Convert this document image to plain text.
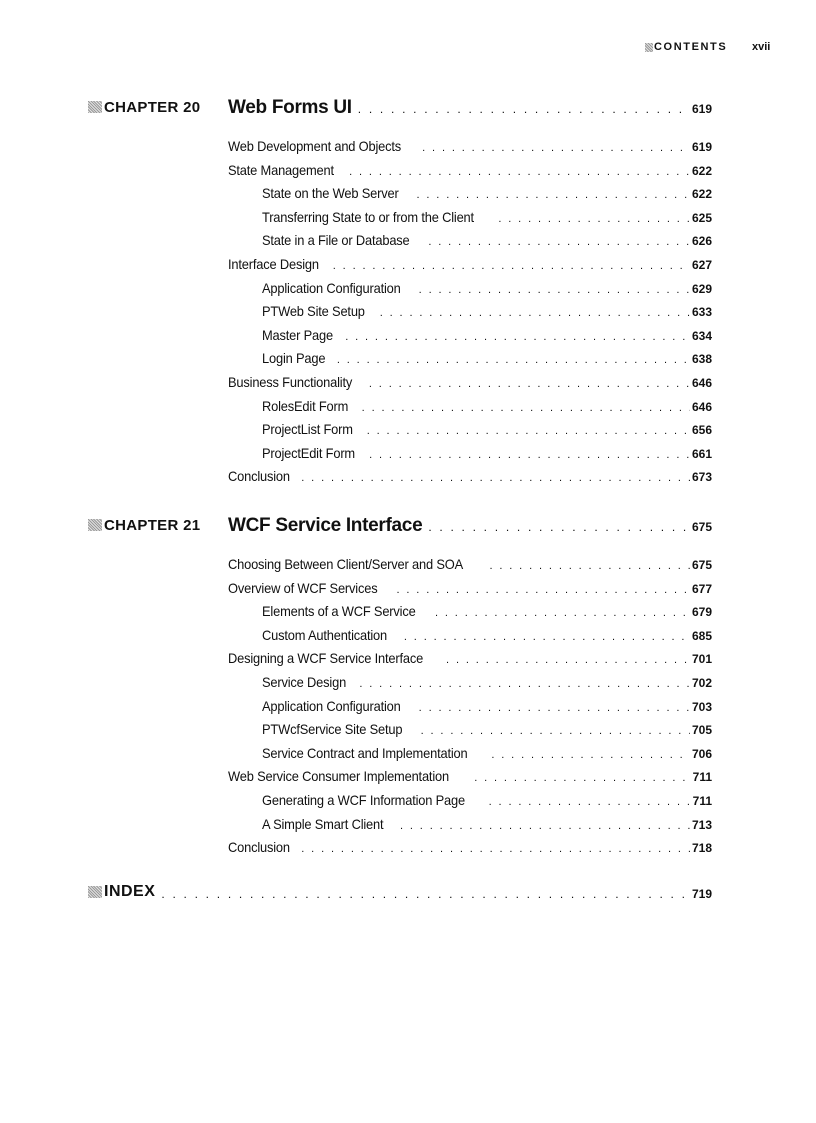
CONTENTS xvii
CHAPTER 20 Web Forms UI . . .	619
Web Development and Objects . . .	619
State Management . . .	622
State on the Web Server . . .	622
Transferring State to or from the Client . . .	625
State in a File or Database . . .	626
Interface Design . . .	627
Application Configuration . . .	629
PTWeb Site Setup . . .	633
Master Page . . .	634
Login Page . . .	638
Business Functionality . . .	646
RolesEdit Form . . .	646
ProjectList Form . . .	656
ProjectEdit Form . . .	661
Conclusion . . .	673
CHAPTER 21 WCF Service Interface . . .	675
Choosing Between Client/Server and SOA . . .	675
Overview of WCF Services . . .	677
Elements of a WCF Service . . .	679
Custom Authentication . . .	685
Designing a WCF Service Interface . . .	701
Service Design . . .	702
Application Configuration . . .	703
PTWcfService Site Setup . . .	705
Service Contract and Implementation . . .	706
Web Service Consumer Implementation . . .	711
Generating a WCF Information Page . . .	711
A Simple Smart Client . . .	713
Conclusion . . .	718
INDEX . . .	719
